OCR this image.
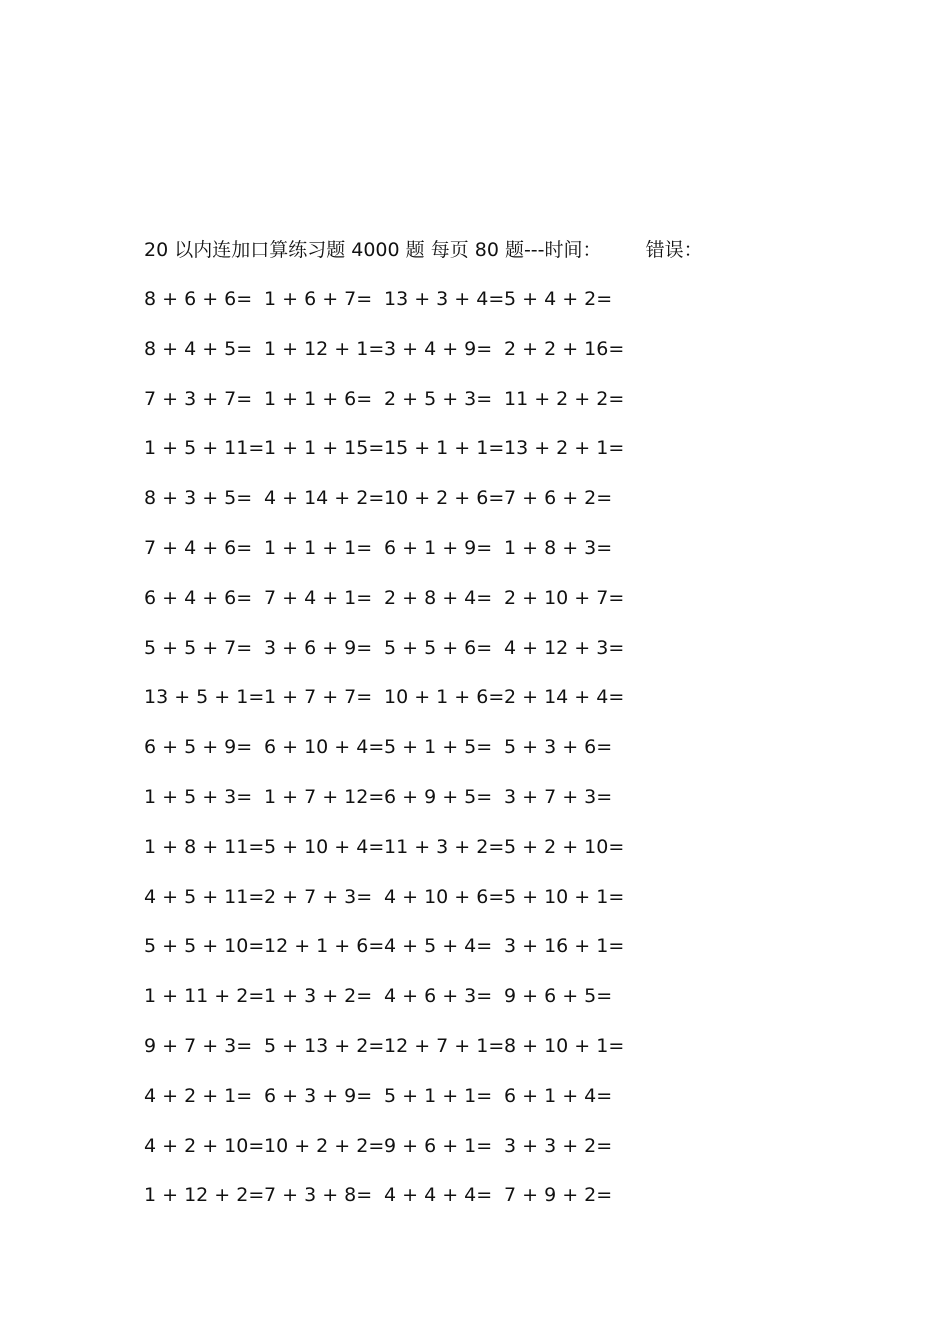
20 以内连加口算练习题 4000 题 每页 80 题---时间： 错误：
8 + 6 + 6= 1 + 6 + 7= 13 + 3 + 4= 5 + 4 + 2=
8 + 4 + 5= 1 + 12 + 1= 3 + 4 + 9= 2 + 2 + 16=
7 + 3 + 7= 1 + 1 + 6= 2 + 5 + 3= 11 + 2 + 2=
1 + 5 + 11= 1 + 1 + 15= 15 + 1 + 1= 13 + 2 + 1=
8 + 3 + 5= 4 + 14 + 2= 10 + 2 + 6= 7 + 6 + 2=
7 + 4 + 6= 1 + 1 + 1= 6 + 1 + 9= 1 + 8 + 3=
6 + 4 + 6= 7 + 4 + 1= 2 + 8 + 4= 2 + 10 + 7=
5 + 5 + 7= 3 + 6 + 9= 5 + 5 + 6= 4 + 12 + 3=
13 + 5 + 1= 1 + 7 + 7= 10 + 1 + 6= 2 + 14 + 4=
6 + 5 + 9= 6 + 10 + 4= 5 + 1 + 5= 5 + 3 + 6=
1 + 5 + 3= 1 + 7 + 12= 6 + 9 + 5= 3 + 7 + 3=
1 + 8 + 11= 5 + 10 + 4= 11 + 3 + 2= 5 + 2 + 10=
4 + 5 + 11= 2 + 7 + 3= 4 + 10 + 6= 5 + 10 + 1=
5 + 5 + 10= 12 + 1 + 6= 4 + 5 + 4= 3 + 16 + 1=
1 + 11 + 2= 1 + 3 + 2= 4 + 6 + 3= 9 + 6 + 5=
9 + 7 + 3= 5 + 13 + 2= 12 + 7 + 1= 8 + 10 + 1=
4 + 2 + 1= 6 + 3 + 9= 5 + 1 + 1= 6 + 1 + 4=
4 + 2 + 10= 10 + 2 + 2= 9 + 6 + 1= 3 + 3 + 2=
1 + 12 + 2= 7 + 3 + 8= 4 + 4 + 4= 7 + 9 + 2=
